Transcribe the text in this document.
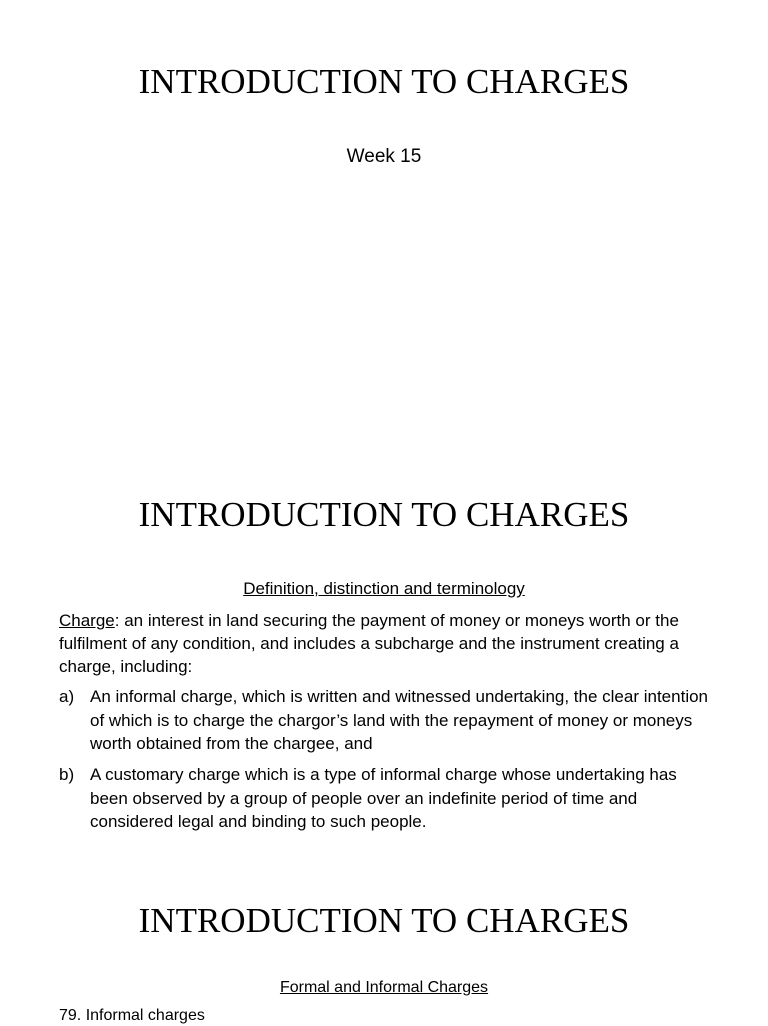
INTRODUCTION TO CHARGES
Week 15
INTRODUCTION TO CHARGES
Definition, distinction and terminology
Charge: an interest in land securing the payment of money or moneys worth or the fulfilment of any condition, and includes a subcharge and the instrument creating a charge, including:
a) An informal charge, which is written and witnessed undertaking, the clear intention of which is to charge the chargor’s land with the repayment of money or moneys worth obtained from the chargee, and
b) A customary charge which is a type of informal charge whose undertaking has been observed by a group of people over an indefinite period of time and considered legal and binding to such people.
INTRODUCTION TO CHARGES
Formal and Informal Charges
79. Informal charges
